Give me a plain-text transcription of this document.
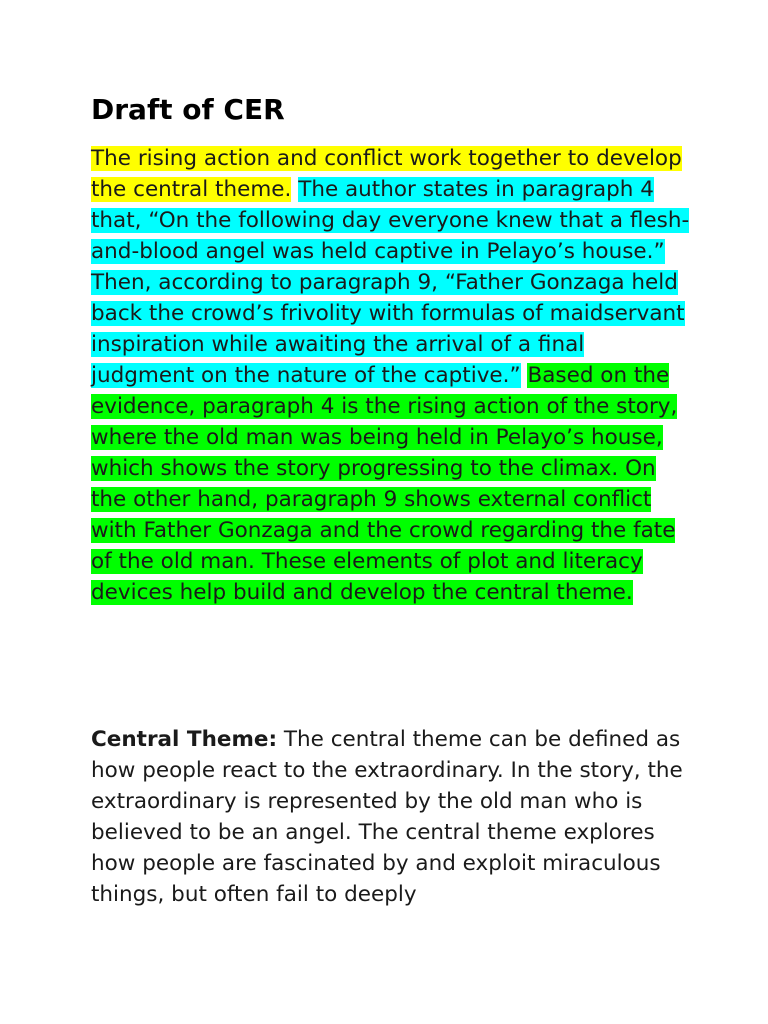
Draft of CER

The rising action and conflict work together to develop the central theme. The author states in paragraph 4 that, “On the following day everyone knew that a flesh-and-blood angel was held captive in Pelayo’s house.” Then, according to paragraph 9, “Father Gonzaga held back the crowd’s frivolity with formulas of maidservant inspiration while awaiting the arrival of a final judgment on the nature of the captive.” Based on the evidence, paragraph 4 is the rising action of the story, where the old man was being held in Pelayo’s house, which shows the story progressing to the climax. On the other hand, paragraph 9 shows external conflict with Father Gonzaga and the crowd regarding the fate of the old man. These elements of plot and literacy devices help build and develop the central theme.

Central Theme: The central theme can be defined as how people react to the extraordinary. In the story, the extraordinary is represented by the old man who is believed to be an angel. The central theme explores how people are fascinated by and exploit miraculous things, but often fail to deeply
